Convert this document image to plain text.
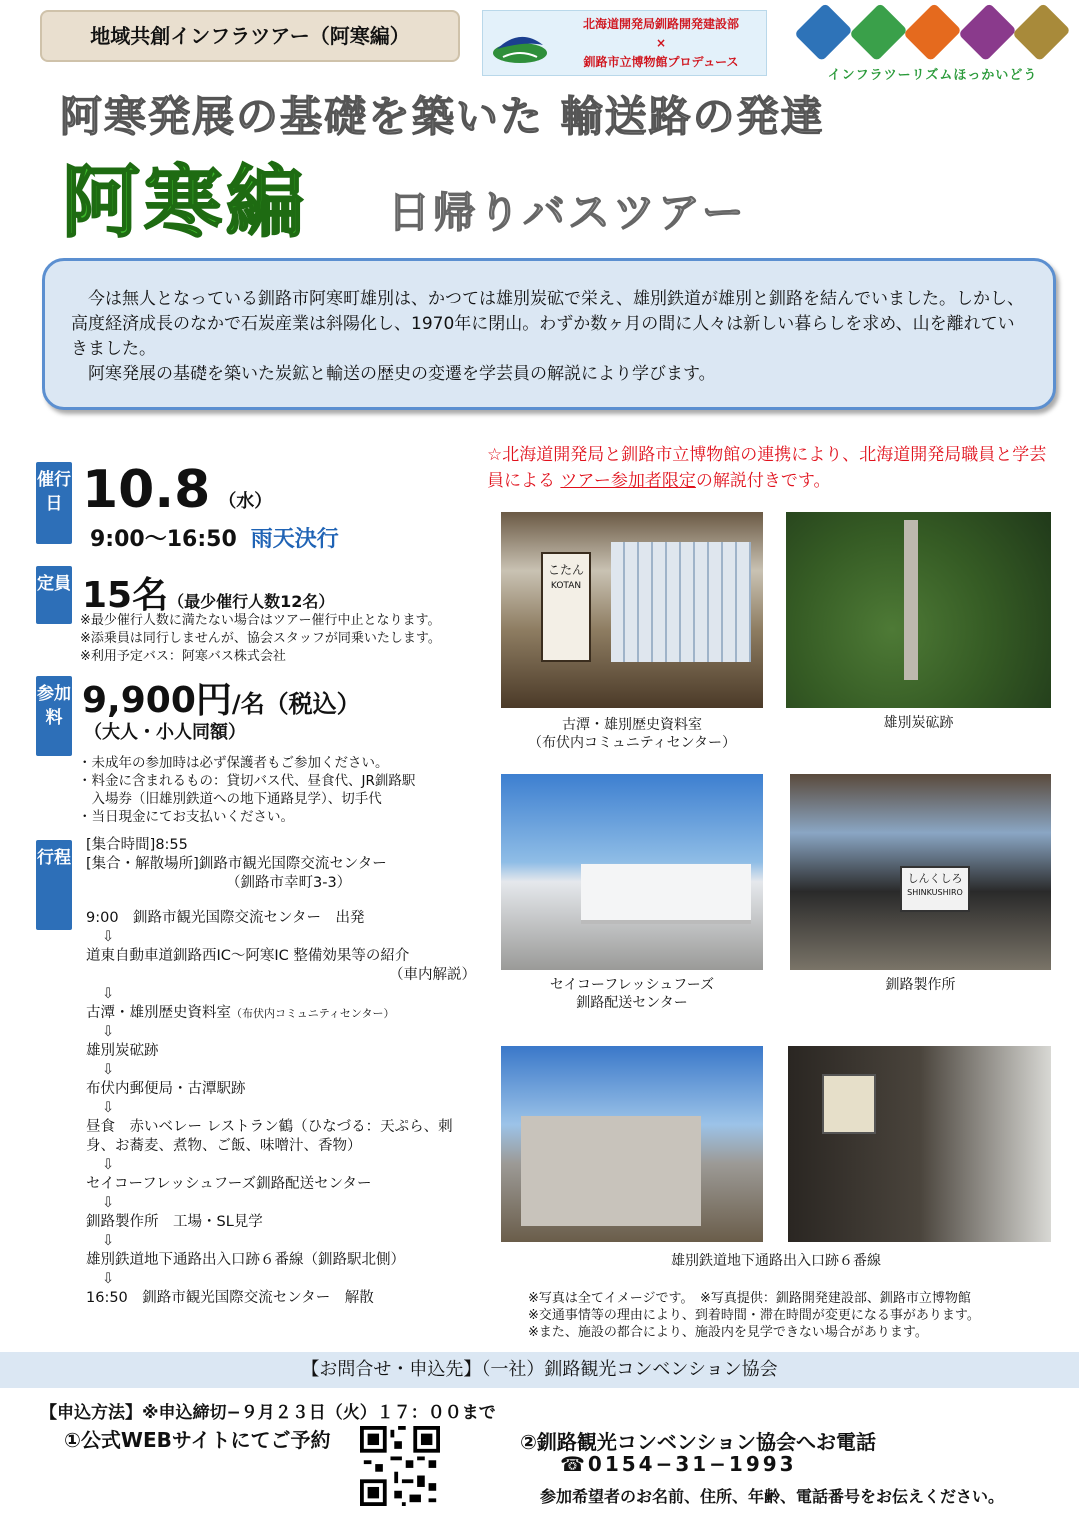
地域共創インフラツアー（阿寒編）	北海道開発局釧路開発建設部
×
釧路市立博物館プロデュース
インフラツーリズムほっかいどう
阿寒発展の基礎を築いた 輸送路の発達
阿寒編 日帰りバスツアー

今は無人となっている釧路市阿寒町雄別は、かつては雄別炭砿で栄え、雄別鉄道が雄別と釧路を結んでいました。しかし、高度経済成長のなかで石炭産業は斜陽化し、1970年に閉山。わずか数ヶ月の間に人々は新しい暮らしを求め、山を離れていきました。

阿寒発展の基礎を築いた炭鉱と輸送の歴史の変遷を学芸員の解説により学びます。

☆北海道開発局と釧路市立博物館の連携により、北海道開発局職員と学芸員による ツアー参加者限定の解説付きです。
催行日 10.8 （水）
9:00〜16:50 雨天決行
定員 15名（最少催行人数12名）
※最少催行人数に満たない場合はツアー催行中止となります。
※添乗員は同行しませんが、協会スタッフが同乗いたします。
※利用予定バス：阿寒バス株式会社
参加料 9,900円/名（税込）
（大人・小人同額）
・未成年の参加時は必ず保護者もご参加ください。
・料金に含まれるもの：貸切バス代、昼食代、JR釧路駅
　入場券（旧雄別鉄道への地下通路見学）、切手代
・当日現金にてお支払いください。
行程
[集合時間]8:55
[集合・解散場所]釧路市観光国際交流センター
（釧路市幸町3-3）
9:00　釧路市観光国際交流センター　出発
⇩
道東自動車道釧路西IC〜阿寒IC 整備効果等の紹介
（車内解説）
⇩
古潭・雄別歴史資料室（布伏内コミュニティセンター）
⇩
雄別炭砿跡
⇩
布伏内郵便局・古潭駅跡
⇩
昼食　赤いベレー レストラン鶴（ひなづる：天ぷら、刺身、お蕎麦、煮物、ご飯、味噌汁、香物）
⇩
セイコーフレッシュフーズ釧路配送センター
⇩
釧路製作所　工場・SL見学
⇩
雄別鉄道地下通路出入口跡６番線（釧路駅北側）
⇩
16:50　釧路市観光国際交流センター　解散
こたん
KOTAN
古潭・雄別歴史資料室
（布伏内コミュニティセンター）
雄別炭砿跡
セイコーフレッシュフーズ
釧路配送センター
しんくしろ
SHINKUSHIRO
釧路製作所
雄別鉄道地下通路出入口跡６番線
※写真は全てイメージです。　※写真提供：釧路開発建設部、釧路市立博物館
※交通事情等の理由により、到着時間・滞在時間が変更になる事があります。
※また、施設の都合により、施設内を見学できない場合があります。
【お問合せ・申込先】（一社）釧路観光コンベンション協会
【申込方法】※申込締切−９月２３日（火）１７：００まで
①公式WEBサイトにてご予約	②釧路観光コンベンション協会へお電話
☎0154−31−1993
参加希望者のお名前、住所、年齢、電話番号をお伝えください。
